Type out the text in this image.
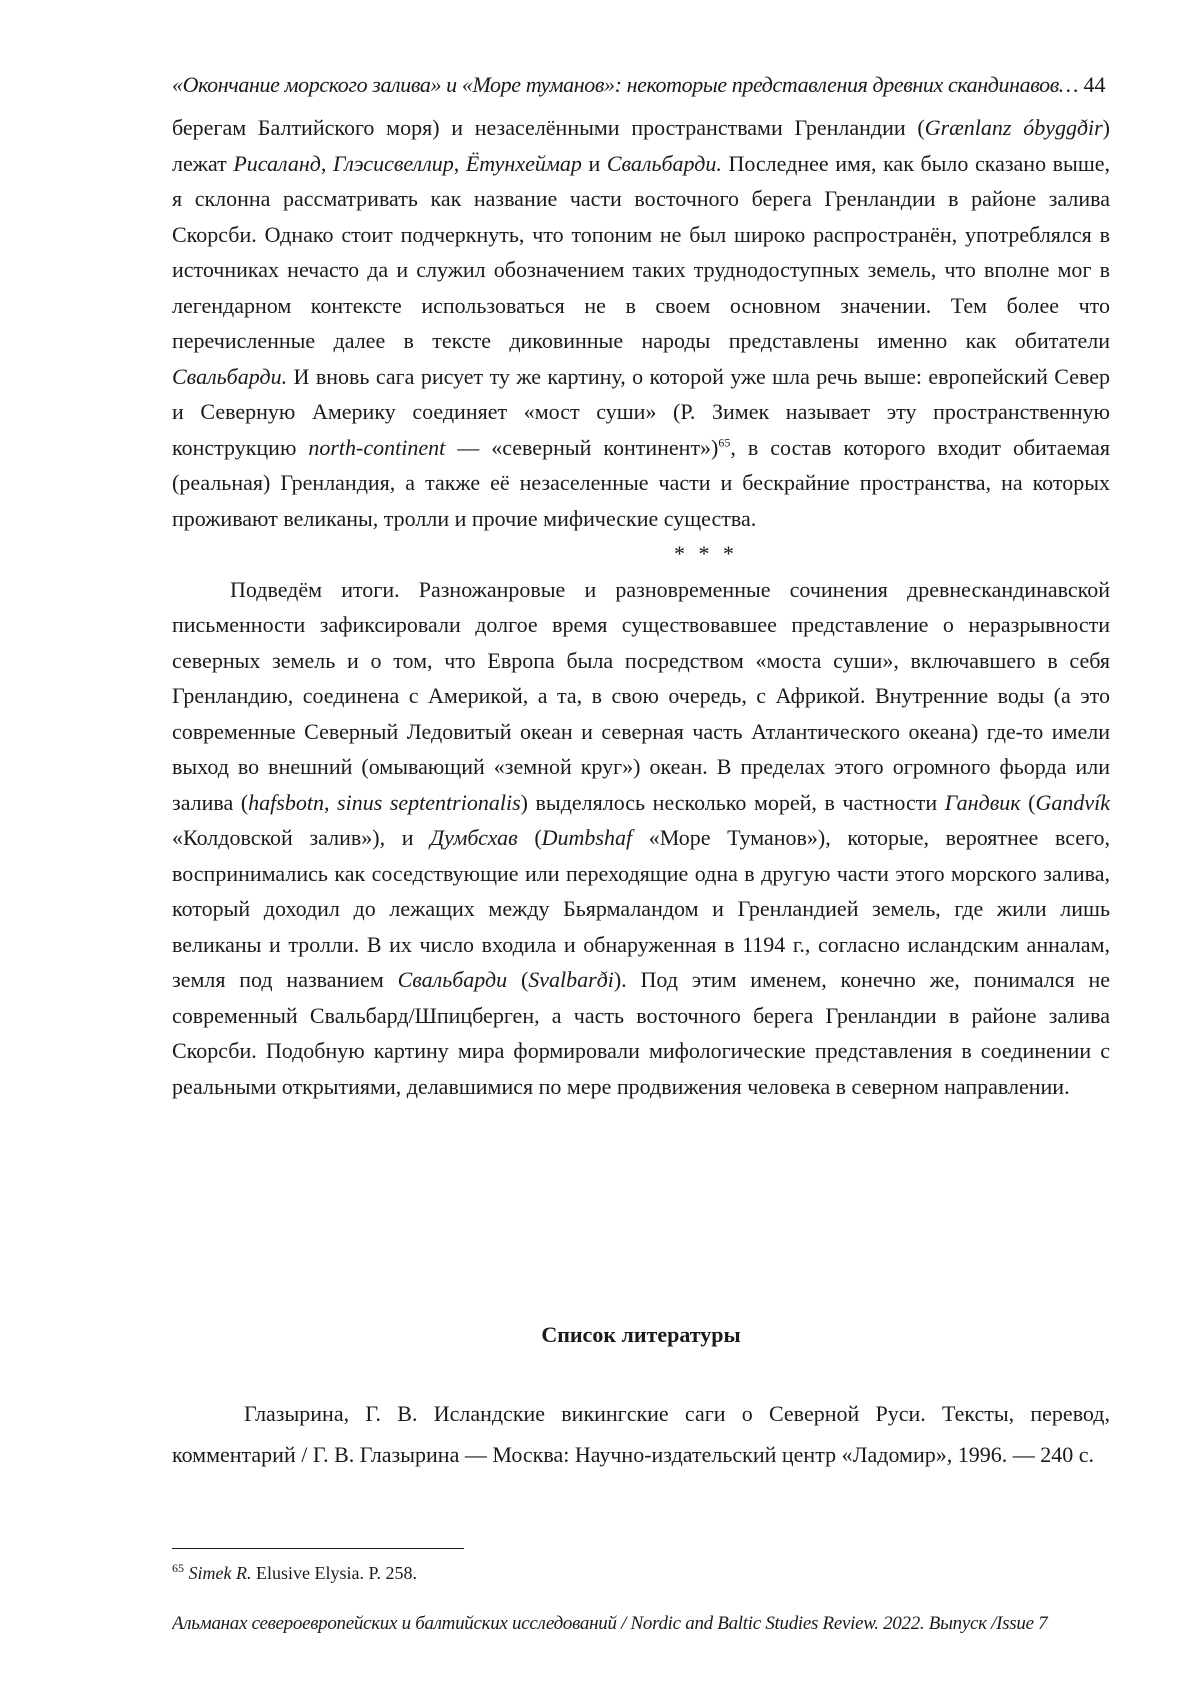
«Окончание морского залива» и «Море туманов»: некоторые представления древних скандинавов… 44

берегам Балтийского моря) и незаселёнными пространствами Гренландии (Grænlanz óbyggðir) лежат Рисаланд, Глэсисвеллир, Ётунхеймар и Свальбарди. Последнее имя, как было сказано выше, я склонна рассматривать как название части восточного берега Гренландии в районе залива Скорсби. Однако стоит подчеркнуть, что топоним не был широко распространён, употреблялся в источниках нечасто да и служил обозначением таких труднодоступных земель, что вполне мог в легендарном контексте использоваться не в своем основном значении. Тем более что перечисленные далее в тексте диковинные народы представлены именно как обитатели Свальбарди. И вновь сага рисует ту же картину, о которой уже шла речь выше: европейский Север и Северную Америку соединяет «мост суши» (Р. Зимек называет эту пространственную конструкцию north-continent — «северный континент»)65, в состав которого входит обитаемая (реальная) Гренландия, а также её незаселенные части и бескрайние пространства, на которых проживают великаны, тролли и прочие мифические существа.

* * *

Подведём итоги. Разножанровые и разновременные сочинения древнескандинавской письменности зафиксировали долгое время существовавшее представление о неразрывности северных земель и о том, что Европа была посредством «моста суши», включавшего в себя Гренландию, соединена с Америкой, а та, в свою очередь, с Африкой. Внутренние воды (а это современные Северный Ледовитый океан и северная часть Атлантического океана) где-то имели выход во внешний (омывающий «земной круг») океан. В пределах этого огромного фьорда или залива (hafsbotn, sinus septentrionalis) выделялось несколько морей, в частности Гандвик (Gandvík «Колдовской залив»), и Думбсхав (Dumbshaf «Море Туманов»), которые, вероятнее всего, воспринимались как соседствующие или переходящие одна в другую части этого морского залива, который доходил до лежащих между Бьярмаландом и Гренландией земель, где жили лишь великаны и тролли. В их число входила и обнаруженная в 1194 г., согласно исландским анналам, земля под названием Свальбарди (Svalbarði). Под этим именем, конечно же, понимался не современный Свальбард/Шпицберген, а часть восточного берега Гренландии в районе залива Скорсби. Подобную картину мира формировали мифологические представления в соединении с реальными открытиями, делавшимися по мере продвижения человека в северном направлении.

Список литературы

Глазырина, Г. В. Исландские викингские саги о Северной Руси. Тексты, перевод, комментарий / Г. В. Глазырина — Москва: Научно-издательский центр «Ладомир», 1996. — 240 с.

65 Simek R. Elusive Elysia. P. 258.
Альманах североевропейских и балтийских исследований / Nordic and Baltic Studies Review. 2022. Выпуск /Issue 7
